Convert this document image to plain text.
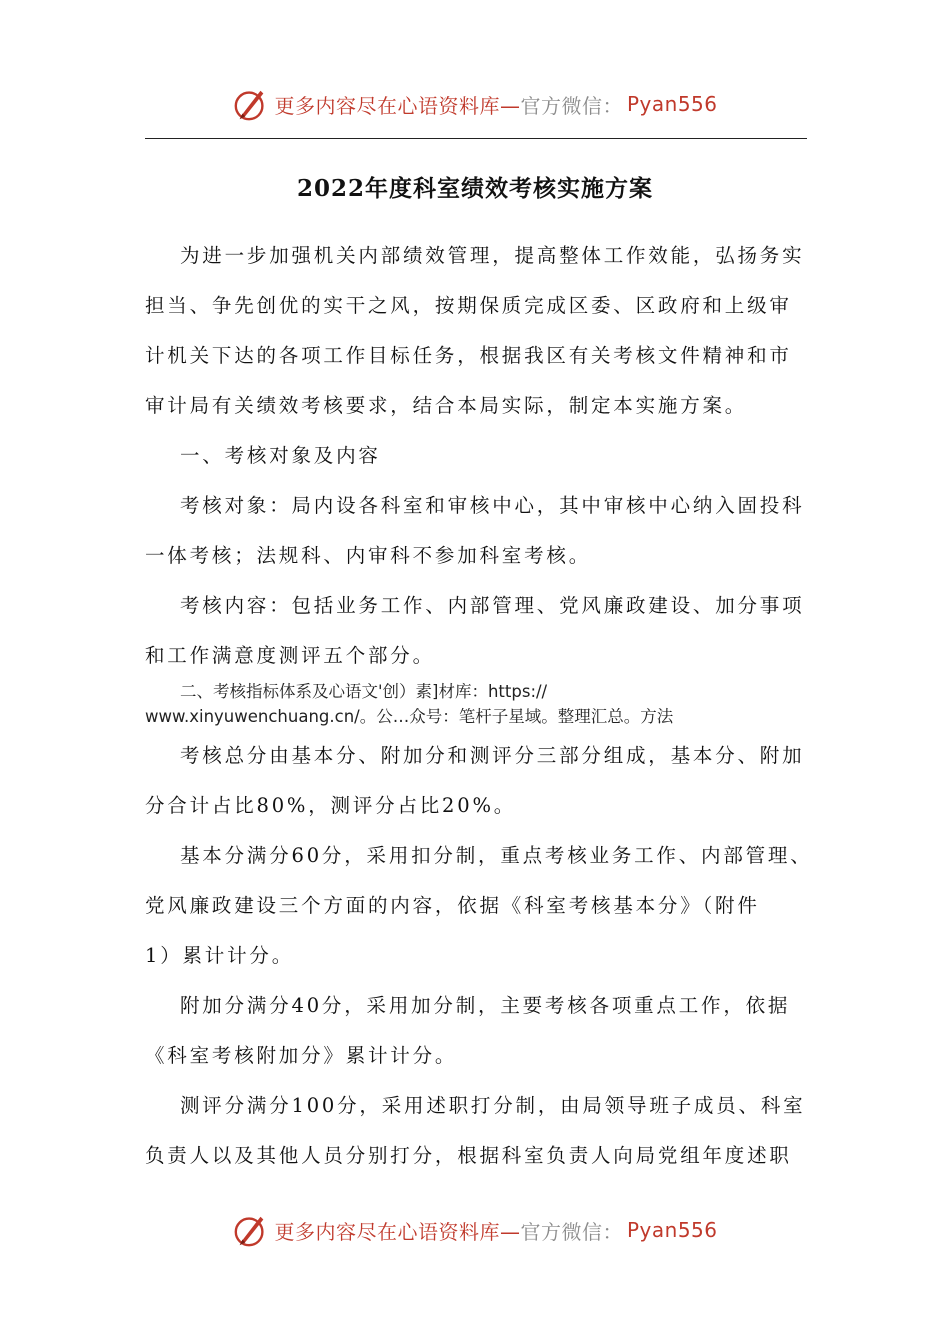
更多内容尽在心语资料库— 官方微信： Pyan556
2022年度科室绩效考核实施方案
为进一步加强机关内部绩效管理，提高整体工作效能，弘扬务实
担当、争先创优的实干之风，按期保质完成区委、区政府和上级审
计机关下达的各项工作目标任务，根据我区有关考核文件精神和市
审计局有关绩效考核要求，结合本局实际，制定本实施方案。
一、考核对象及内容
考核对象：局内设各科室和审核中心，其中审核中心纳入固投科
一体考核；法规科、内审科不参加科室考核。
考核内容：包括业务工作、内部管理、党风廉政建设、加分事项
和工作满意度测评五个部分。
二、考核指标体系及心语文'创）素]材库：https://
www.xinyuwenchuang.cn/。公…众号：笔杆子星域。整理汇总。方法
考核总分由基本分、附加分和测评分三部分组成，基本分、附加
分合计占比80%，测评分占比20%。
基本分满分60分，采用扣分制，重点考核业务工作、内部管理、
党风廉政建设三个方面的内容，依据《科室考核基本分》（附件
1）累计计分。
附加分满分40分，采用加分制，主要考核各项重点工作，依据
《科室考核附加分》累计计分。
测评分满分100分，采用述职打分制，由局领导班子成员、科室
负责人以及其他人员分别打分，根据科室负责人向局党组年度述职
更多内容尽在心语资料库— 官方微信： Pyan556
